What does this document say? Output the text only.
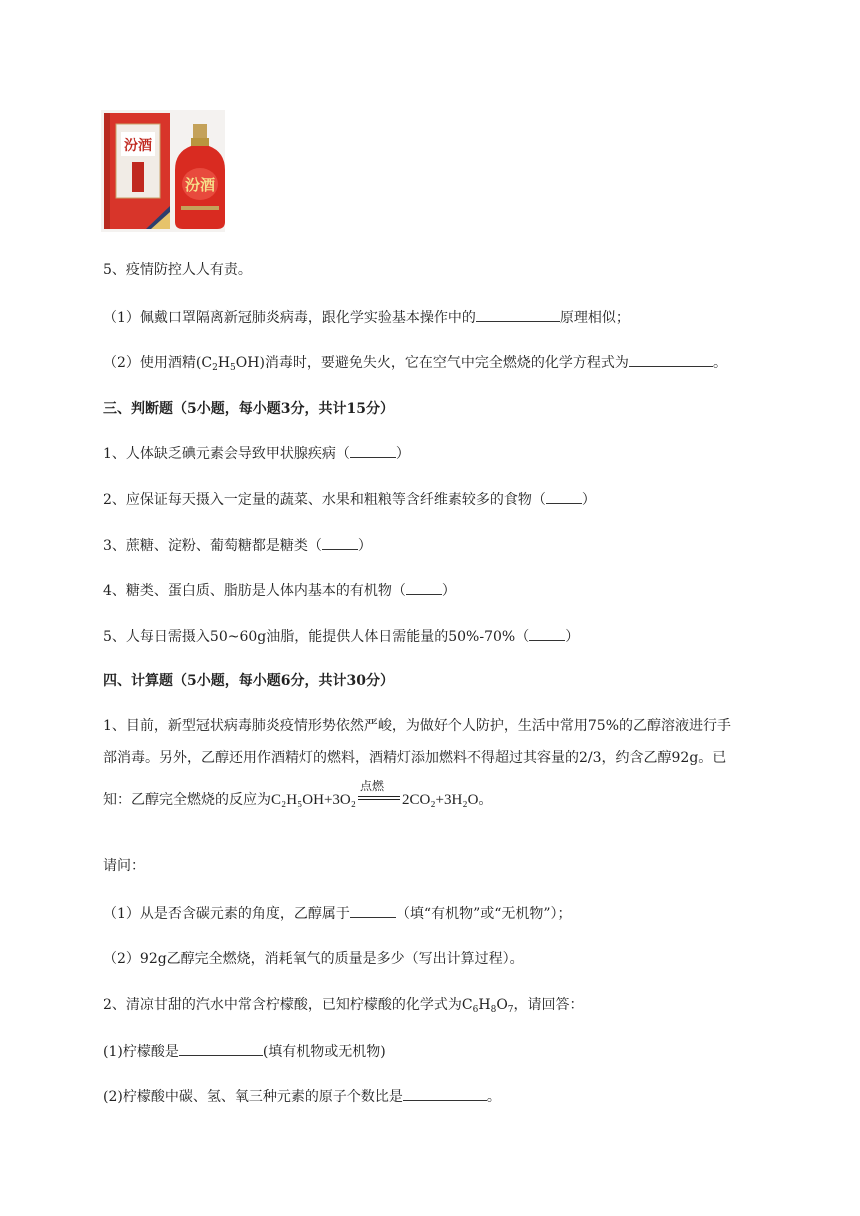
汾酒
汾酒
5、疫情防控人人有责。
（1）佩戴口罩隔离新冠肺炎病毒，跟化学实验基本操作中的	原理相似；
（2）使用酒精$(C_2H_5OH)$消毒时，要避免失火，它在空气中完全燃烧的化学方程式为	。
三、判断题（5小题，每小题3分，共计15分）
1、人体缺乏碘元素会导致甲状腺疾病（	）
2、应保证每天摄入一定量的蔬菜、水果和粗粮等含纤维素较多的食物（	）
3、蔗糖、淀粉、葡萄糖都是糖类（	）
4、糖类、蛋白质、脂肪是人体内基本的有机物（	）
5、人每日需摄入50~60g油脂，能提供人体日需能量的50%-70%（	）
四、计算题（5小题，每小题6分，共计30分）
1、目前，新型冠状病毒肺炎疫情形势依然严峻，为做好个人防护，生活中常用75%的乙醇溶液进行手
部消毒。另外，乙醇还用作酒精灯的燃料，酒精灯添加燃料不得超过其容量的2/3，约含乙醇92g。已
知：乙醇完全燃烧的反应为C₂H₅OH+3O₂
点燃
2CO₂+3H₂O。
请问：
（1）从是否含碳元素的角度，乙醇属于	（填“有机物”或“无机物”）；
（2）92g乙醇完全燃烧，消耗氧气的质量是多少（写出计算过程）。
2、清凉甘甜的汽水中常含柠檬酸，已知柠檬酸的化学式为$C_6H_8O_7$，请回答：
(1)柠檬酸是	(填有机物或无机物)
(2)柠檬酸中碳、氢、氧三种元素的原子个数比是	。
